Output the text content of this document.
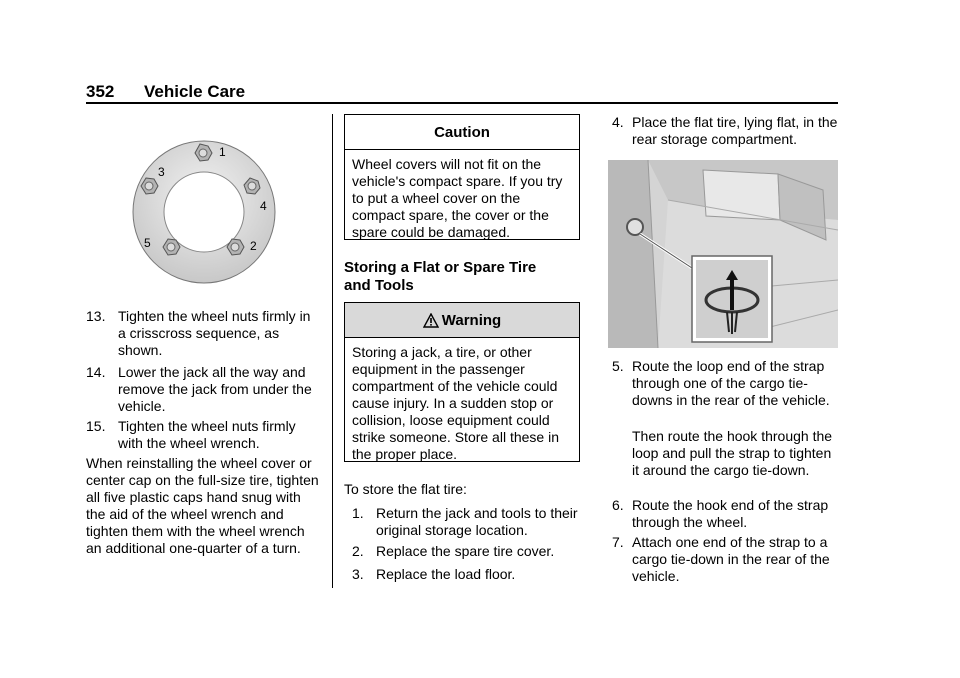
352 Vehicle Care
1
4
2
5
3
13. Tighten the wheel nuts firmly in a crisscross sequence, as shown.
14. Lower the jack all the way and remove the jack from under the vehicle.
15. Tighten the wheel nuts firmly with the wheel wrench.
When reinstalling the wheel cover or center cap on the full-size tire, tighten all five plastic caps hand snug with the aid of the wheel wrench and tighten them with the wheel wrench an additional one-quarter of a turn.
Caution
Wheel covers will not fit on the vehicle's compact spare. If you try to put a wheel cover on the compact spare, the cover or the spare could be damaged.
Storing a Flat or Spare Tire and Tools
Warning
Storing a jack, a tire, or other equipment in the passenger compartment of the vehicle could cause injury. In a sudden stop or collision, loose equipment could strike someone. Store all these in the proper place.
To store the flat tire:
1. Return the jack and tools to their original storage location.
2. Replace the spare tire cover.
3. Replace the load floor.
4. Place the flat tire, lying flat, in the rear storage compartment.
5. Route the loop end of the strap through one of the cargo tie-downs in the rear of the vehicle.
Then route the hook through the loop and pull the strap to tighten it around the cargo tie-down.
6. Route the hook end of the strap through the wheel.
7. Attach one end of the strap to a cargo tie-down in the rear of the vehicle.
